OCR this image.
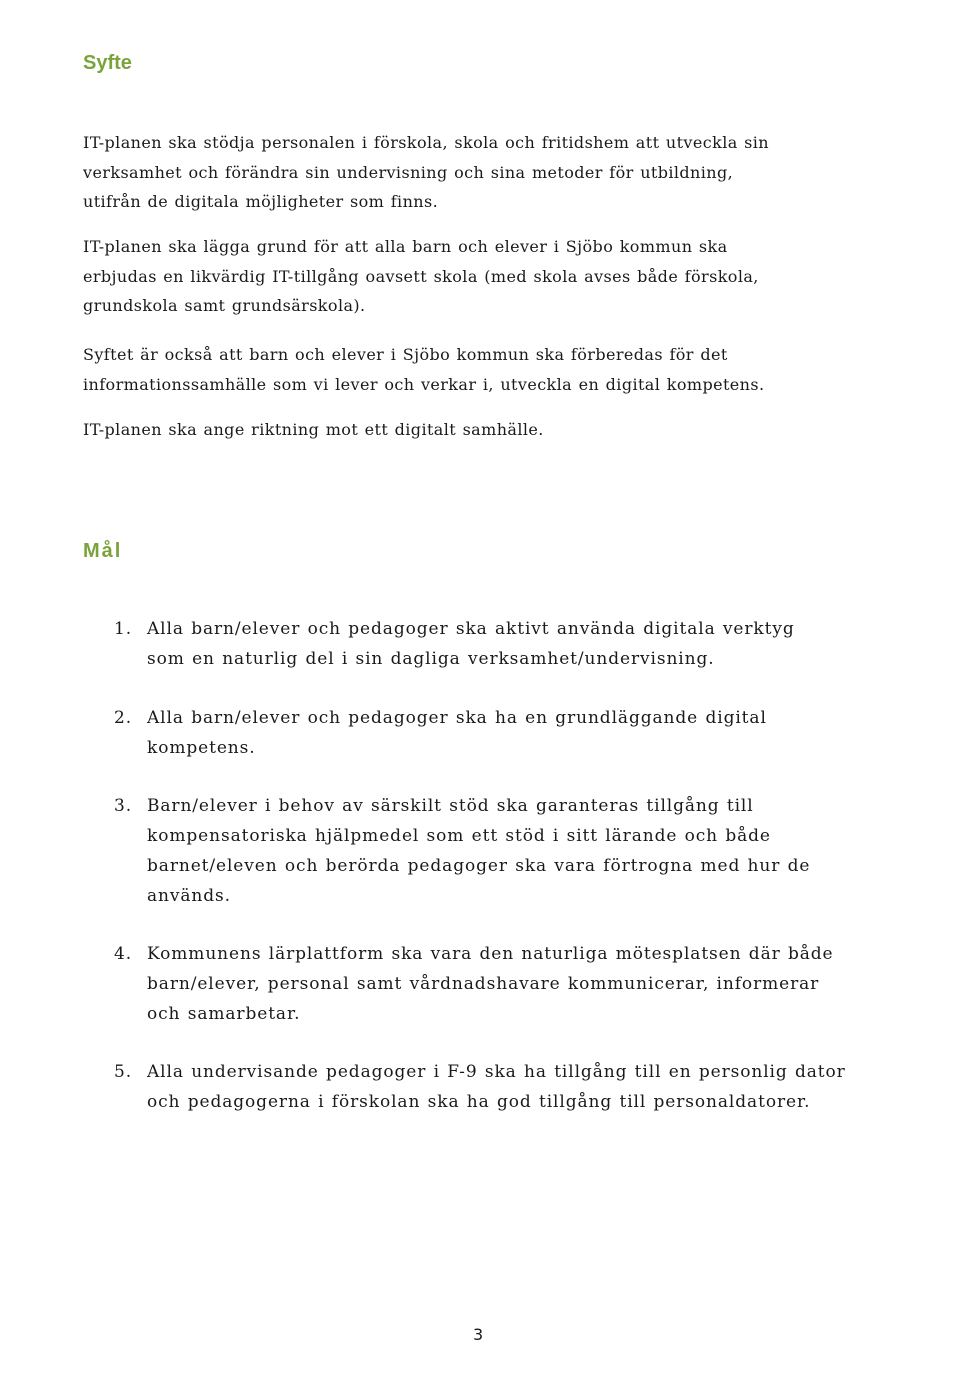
Syfte

IT-planen ska stödja personalen i förskola, skola och fritidshem att utveckla sin
verksamhet och förändra sin undervisning och sina metoder för utbildning,
utifrån de digitala möjligheter som finns.

IT-planen ska lägga grund för att alla barn och elever i Sjöbo kommun ska
erbjudas en likvärdig IT-tillgång oavsett skola (med skola avses både förskola,
grundskola samt grundsärskola).

Syftet är också att barn och elever i Sjöbo kommun ska förberedas för det
informationssamhälle som vi lever och verkar i, utveckla en digital kompetens.

IT-planen ska ange riktning mot ett digitalt samhälle.

Mål
1. Alla barn/elever och pedagoger ska aktivt använda digitala verktyg
som en naturlig del i sin dagliga verksamhet/undervisning.
2. Alla barn/elever och pedagoger ska ha en grundläggande digital
kompetens.
3. Barn/elever i behov av särskilt stöd ska garanteras tillgång till
kompensatoriska hjälpmedel som ett stöd i sitt lärande och både
barnet/eleven och berörda pedagoger ska vara förtrogna med hur de
används.
4. Kommunens lärplattform ska vara den naturliga mötesplatsen där både
barn/elever, personal samt vårdnadshavare kommunicerar, informerar
och samarbetar.
5. Alla undervisande pedagoger i F-9 ska ha tillgång till en personlig dator
och pedagogerna i förskolan ska ha god tillgång till personaldatorer.
3
